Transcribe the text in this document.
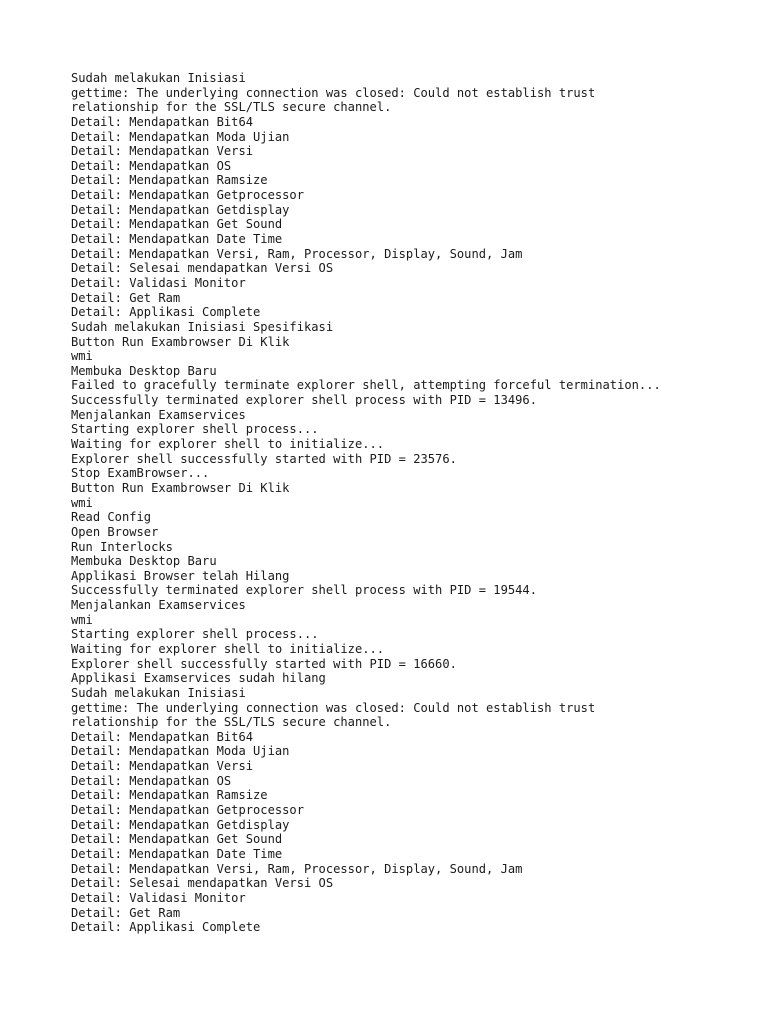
Sudah melakukan Inisiasi
gettime: The underlying connection was closed: Could not establish trust
relationship for the SSL/TLS secure channel.
Detail: Mendapatkan Bit64
Detail: Mendapatkan Moda Ujian
Detail: Mendapatkan Versi
Detail: Mendapatkan OS
Detail: Mendapatkan Ramsize
Detail: Mendapatkan Getprocessor
Detail: Mendapatkan Getdisplay
Detail: Mendapatkan Get Sound
Detail: Mendapatkan Date Time
Detail: Mendapatkan Versi, Ram, Processor, Display, Sound, Jam
Detail: Selesai mendapatkan Versi OS
Detail: Validasi Monitor
Detail: Get Ram
Detail: Applikasi Complete
Sudah melakukan Inisiasi Spesifikasi
Button Run Exambrowser Di Klik
wmi
Membuka Desktop Baru
Failed to gracefully terminate explorer shell, attempting forceful termination...
Successfully terminated explorer shell process with PID = 13496.
Menjalankan Examservices
Starting explorer shell process...
Waiting for explorer shell to initialize...
Explorer shell successfully started with PID = 23576.
Stop ExamBrowser...
Button Run Exambrowser Di Klik
wmi
Read Config
Open Browser
Run Interlocks
Membuka Desktop Baru
Applikasi Browser telah Hilang
Successfully terminated explorer shell process with PID = 19544.
Menjalankan Examservices
wmi
Starting explorer shell process...
Waiting for explorer shell to initialize...
Explorer shell successfully started with PID = 16660.
Applikasi Examservices sudah hilang
Sudah melakukan Inisiasi
gettime: The underlying connection was closed: Could not establish trust
relationship for the SSL/TLS secure channel.
Detail: Mendapatkan Bit64
Detail: Mendapatkan Moda Ujian
Detail: Mendapatkan Versi
Detail: Mendapatkan OS
Detail: Mendapatkan Ramsize
Detail: Mendapatkan Getprocessor
Detail: Mendapatkan Getdisplay
Detail: Mendapatkan Get Sound
Detail: Mendapatkan Date Time
Detail: Mendapatkan Versi, Ram, Processor, Display, Sound, Jam
Detail: Selesai mendapatkan Versi OS
Detail: Validasi Monitor
Detail: Get Ram
Detail: Applikasi Complete
